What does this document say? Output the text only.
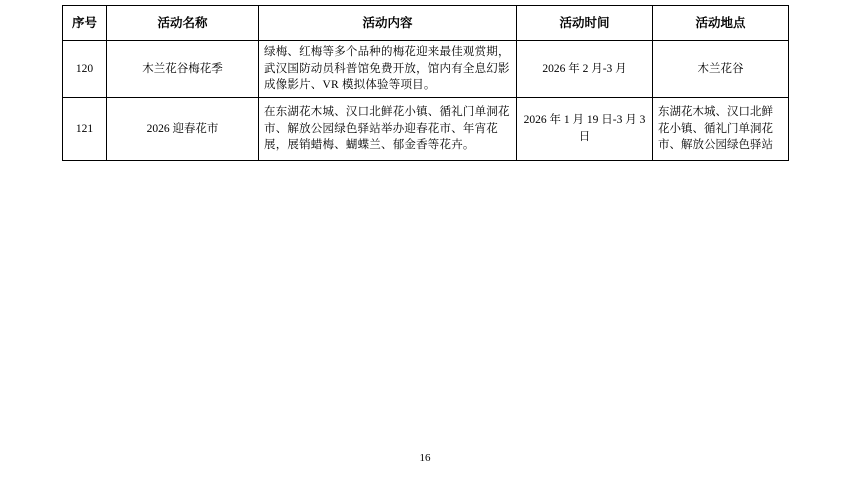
序号	活动名称	活动内容	活动时间	活动地点
120	木兰花谷梅花季	绿梅、红梅等多个品种的梅花迎来最佳观赏期，武汉国防动员科普馆免费开放，馆内有全息幻影成像影片、VR 模拟体验等项目。	2026 年 2 月-3 月	木兰花谷
121	2026 迎春花市	在东湖花木城、汉口北鲜花小镇、循礼门单洞花市、解放公园绿色驿站举办迎春花市、年宵花展，展销蜡梅、蝴蝶兰、郁金香等花卉。	2026 年 1 月 19 日-3 月 3 日	东湖花木城、汉口北鲜花小镇、循礼门单洞花市、解放公园绿色驿站
16
